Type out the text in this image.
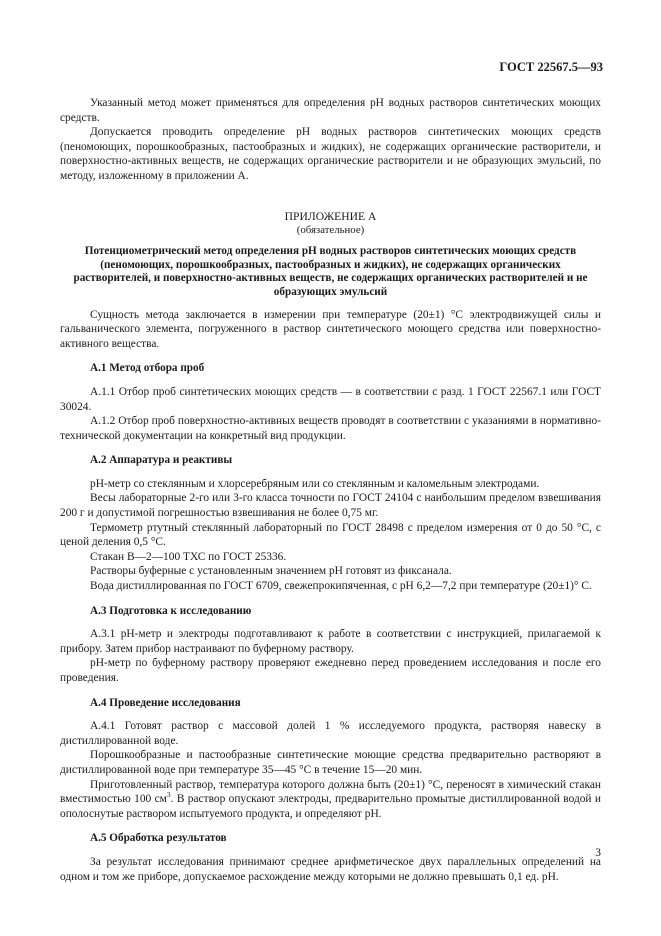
ГОСТ 22567.5—93

Указанный метод может применяться для определения рН водных растворов синтетических моющих средств.

Допускается проводить определение рН водных растворов синтетических моющих средств (пеномоющих, порошкообразных, пастообразных и жидких), не содержащих органические растворители, и поверхностно-активных веществ, не содержащих органические растворители и не образующих эмульсий, по методу, изложенному в приложении А.

ПРИЛОЖЕНИЕ А
(обязательное)
Потенциометрический метод определения рН водных растворов синтетических моющих средств (пеномоющих, порошкообразных, пастообразных и жидких), не содержащих органических растворителей, и поверхностно-активных веществ, не содержащих органических растворителей и не образующих эмульсий

Сущность метода заключается в измерении при температуре (20±1) °С электродвижущей силы и гальванического элемента, погруженного в раствор синтетического моющего средства или поверхностно-активного вещества.

А.1 Метод отбора проб

А.1.1 Отбор проб синтетических моющих средств — в соответствии с разд. 1 ГОСТ 22567.1 или ГОСТ 30024.

А.1.2 Отбор проб поверхностно-активных веществ проводят в соответствии с указаниями в нормативно-технической документации на конкретный вид продукции.

А.2 Аппаратура и реактивы

рН-метр со стеклянным и хлорсеребряным или со стеклянным и каломельным электродами.

Весы лабораторные 2-го или 3-го класса точности по ГОСТ 24104 с наибольшим пределом взвешивания 200 г и допустимой погрешностью взвешивания не более 0,75 мг.

Термометр ртутный стеклянный лабораторный по ГОСТ 28498 с пределом измерения от 0 до 50 °С, с ценой деления 0,5 °С.

Стакан В—2—100 ТХС по ГОСТ 25336.

Растворы буферные с установленным значением рН готовят из фиксанала.

Вода дистиллированная по ГОСТ 6709, свежепрокипяченная, с рН 6,2—7,2 при температуре (20±1)° С.

А.3 Подготовка к исследованию

А.3.1 рН-метр и электроды подготавливают к работе в соответствии с инструкцией, прилагаемой к прибору. Затем прибор настраивают по буферному раствору.

рН-метр по буферному раствору проверяют ежедневно перед проведением исследования и после его проведения.

А.4 Проведение исследования

А.4.1 Готовят раствор с массовой долей 1 % исследуемого продукта, растворяя навеску в дистиллированной воде.

Порошкообразные и пастообразные синтетические моющие средства предварительно растворяют в дистиллированной воде при температуре 35—45 °С в течение 15—20 мин.

Приготовленный раствор, температура которого должна быть (20±1) °С, переносят в химический стакан вместимостью 100 $см^3$. В раствор опускают электроды, предварительно промытые дистиллированной водой и ополоснутые раствором испытуемого продукта, и определяют рН.

А.5 Обработка результатов

За результат исследования принимают среднее арифметическое двух параллельных определений на одном и том же приборе, допускаемое расхождение между которыми не должно превышать 0,1 ед. рН.

3
